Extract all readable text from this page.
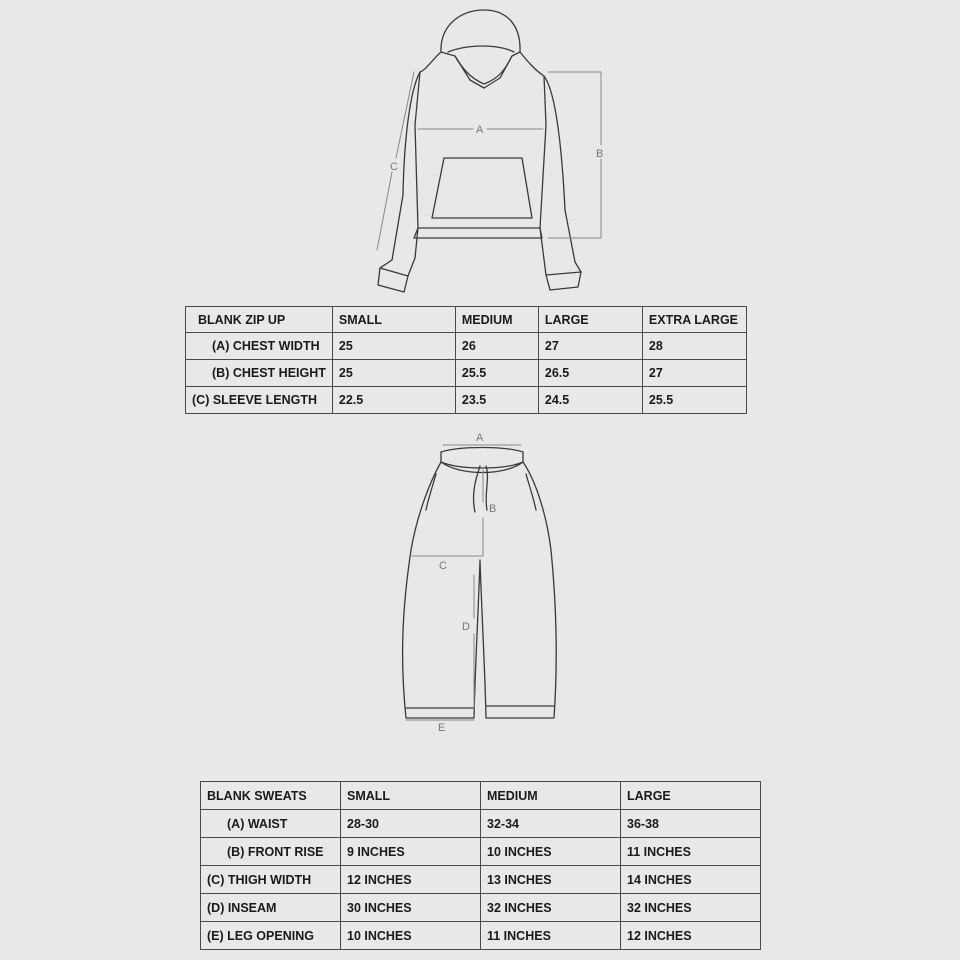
A
B
C
BLANK ZIP UP	SMALL	MEDIUM	LARGE	EXTRA LARGE
(A) CHEST WIDTH	25	26	27	28
(B) CHEST HEIGHT	25	25.5	26.5	27
(C) SLEEVE LENGTH	22.5	23.5	24.5	25.5
A
B
C
D
E
BLANK SWEATS	SMALL	MEDIUM	LARGE
(A) WAIST	28-30	32-34	36-38
(B) FRONT RISE	9 INCHES	10 INCHES	11 INCHES
(C) THIGH WIDTH	12 INCHES	13 INCHES	14 INCHES
(D) INSEAM	30 INCHES	32 INCHES	32 INCHES
(E) LEG OPENING	10 INCHES	11 INCHES	12 INCHES
